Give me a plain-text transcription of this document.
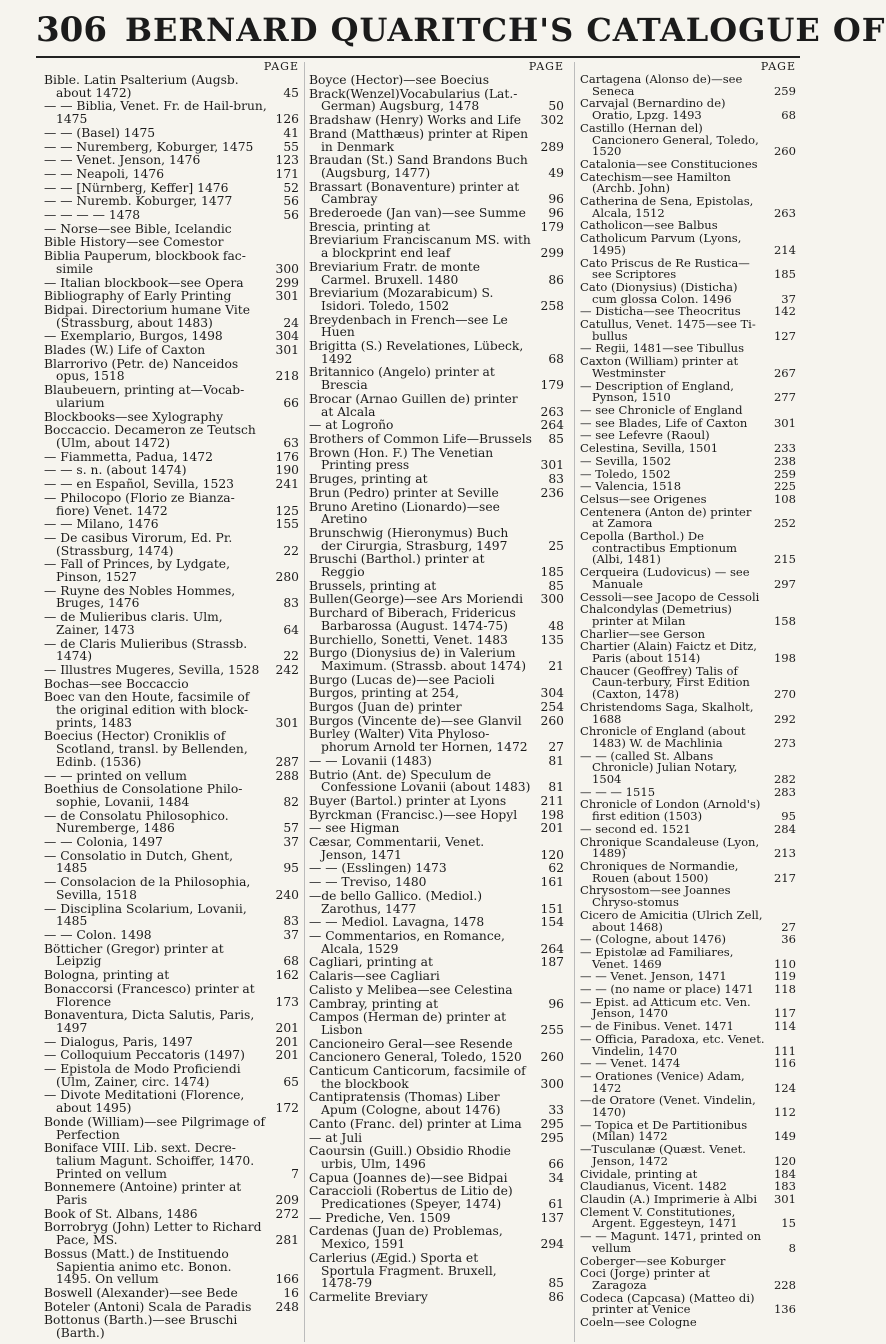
306 BERNARD QUARITCH'S CATALOGUE OF
PAGE
Bible. Latin Psalterium (Augsb. about 1472)	45
— — Biblia, Venet. Fr. de Hail-brun, 1475	126
— — (Basel) 1475	41
— — Nuremberg, Koburger, 1475	55
— — Venet. Jenson, 1476	123
— — Neapoli, 1476	171
— — [Nürnberg, Keffer] 1476	52
— — Nuremb. Koburger, 1477	56
— — — — 1478	56
— Norse—see Bible, Icelandic
Bible History—see Comestor
Biblia Pauperum, blockbook fac-simile	300
— Italian blockbook—see Opera	299
Bibliography of Early Printing	301
Bidpai. Directorium humane Vite (Strassburg, about 1483)	24
— Exemplario, Burgos, 1498	304
Blades (W.) Life of Caxton	301
Blarrorivo (Petr. de) Nanceidos opus, 1518	218
Blaubeuern, printing at—Vocab-ularium	66
Blockbooks—see Xylography
Boccaccio. Decameron ze Teutsch (Ulm, about 1472)	63
— Fiammetta, Padua, 1472	176
— — s. n. (about 1474)	190
— — en Español, Sevilla, 1523	241
— Philocopo (Florio ze Bianza-fiore) Venet. 1472	125
— — Milano, 1476	155
— De casibus Virorum, Ed. Pr. (Strassburg, 1474)	22
— Fall of Princes, by Lydgate, Pinson, 1527	280
— Ruyne des Nobles Hommes, Bruges, 1476	83
— de Mulieribus claris. Ulm, Zainer, 1473	64
— de Claris Mulieribus (Strassb. 1474)	22
— Illustres Mugeres, Sevilla, 1528	242
Bochas—see Boccaccio
Boec van den Houte, facsimile of the original edition with block-prints, 1483	301
Boecius (Hector) Croniklis of Scotland, transl. by Bellenden, Edinb. (1536)	287
— — printed on vellum	288
Boethius de Consolatione Philo-sophie, Lovanii, 1484	82
— de Consolatu Philosophico. Nuremberge, 1486	57
— — Colonia, 1497	37
— Consolatio in Dutch, Ghent, 1485	95
— Consolacion de la Philosophia, Sevilla, 1518	240
— Disciplina Scolarium, Lovanii, 1485	83
— — Colon. 1498	37
Bötticher (Gregor) printer at Leipzig	68
Bologna, printing at	162
Bonaccorsi (Francesco) printer at Florence	173
Bonaventura, Dicta Salutis, Paris, 1497	201
— Dialogus, Paris, 1497	201
— Colloquium Peccatoris (1497)	201
— Epistola de Modo Proficiendi (Ulm, Zainer, circ. 1474)	65
— Divote Meditationi (Florence, about 1495)	172
Bonde (William)—see Pilgrimage of Perfection
Boniface VIII. Lib. sext. Decre-talium Magunt. Schoiffer, 1470. Printed on vellum	7
Bonnemere (Antoine) printer at Paris	209
Book of St. Albans, 1486	272
Borrobryg (John) Letter to Richard Pace, MS.	281
Bossus (Matt.) de Instituendo Sapientia animo etc. Bonon. 1495. On vellum	166
Boswell (Alexander)—see Bede	16
Boteler (Antoni) Scala de Paradis	248
Bottonus (Barth.)—see Bruschi (Barth.)
PAGE
Boyce (Hector)—see Boecius
Brack(Wenzel)Vocabularius (Lat.-German) Augsburg, 1478	50
Bradshaw (Henry) Works and Life	302
Brand (Matthæus) printer at Ripen in Denmark	289
Braudan (St.) Sand Brandons Buch (Augsburg, 1477)	49
Brassart (Bonaventure) printer at Cambray	96
Brederoede (Jan van)—see Summe	96
Brescia, printing at	179
Breviarium Franciscanum MS. with a blockprint end leaf	299
Breviarium Fratr. de monte Carmel. Bruxell. 1480	86
Breviarium (Mozarabicum) S. Isidori. Toledo, 1502	258
Breydenbach in French—see Le Huen
Brigitta (S.) Revelationes, Lübeck, 1492	68
Britannico (Angelo) printer at Brescia	179
Brocar (Arnao Guillen de) printer at Alcala	263
— at Logroño	264
Brothers of Common Life—Brussels	85
Brown (Hon. F.) The Venetian Printing press	301
Bruges, printing at	83
Brun (Pedro) printer at Seville	236
Bruno Aretino (Lionardo)—see Aretino
Brunschwig (Hieronymus) Buch der Cirurgia, Strasburg, 1497	25
Bruschi (Barthol.) printer at Reggio	185
Brussels, printing at	85
Bullen(George)—see Ars Moriendi	300
Burchard of Biberach, Fridericus Barbarossa (August. 1474-75)	48
Burchiello, Sonetti, Venet. 1483	135
Burgo (Dionysius de) in Valerium Maximum. (Strassb. about 1474)	21
Burgo (Lucas de)—see Pacioli
Burgos, printing at 254,	304
Burgos (Juan de) printer	254
Burgos (Vincente de)—see Glanvil	260
Burley (Walter) Vita Phyloso-phorum Arnold ter Hornen, 1472	27
— — Lovanii (1483)	81
Butrio (Ant. de) Speculum de Confessione Lovanii (about 1483)	81
Buyer (Bartol.) printer at Lyons	211
Byrckman (Francisc.)—see Hopyl	198
— see Higman	201
Cæsar, Commentarii, Venet. Jenson, 1471	120
— — (Esslingen) 1473	62
— — Treviso, 1480	161
—de bello Gallico. (Mediol.) Zarothus, 1477	151
— — Mediol. Lavagna, 1478	154
— Commentarios, en Romance, Alcala, 1529	264
Cagliari, printing at	187
Calaris—see Cagliari
Calisto y Melibea—see Celestina
Cambray, printing at	96
Campos (Herman de) printer at Lisbon	255
Cancioneiro Geral—see Resende
Cancionero General, Toledo, 1520	260
Canticum Canticorum, facsimile of the blockbook	300
Cantipratensis (Thomas) Liber Apum (Cologne, about 1476)	33
Canto (Franc. del) printer at Lima	295
— at Juli	295
Caoursin (Guill.) Obsidio Rhodie urbis, Ulm, 1496	66
Capua (Joannes de)—see Bidpai	34
Caraccioli (Robertus de Litio de) Predicationes (Speyer, 1474)	61
— Prediche, Ven. 1509	137
Cardenas (Juan de) Problemas, Mexico, 1591	294
Carlerius (Ægid.) Sporta et Sportula Fragment. Bruxell, 1478-79	85
Carmelite Breviary	86
PAGE
Cartagena (Alonso de)—see Seneca	259
Carvajal (Bernardino de) Oratio, Lpzg. 1493	68
Castillo (Hernan del) Cancionero General, Toledo, 1520	260
Catalonia—see Constituciones
Catechism—see Hamilton (Archb. John)
Catherina de Sena, Epistolas, Alcala, 1512	263
Catholicon—see Balbus
Catholicum Parvum (Lyons, 1495)	214
Cato Priscus de Re Rustica—see Scriptores	185
Cato (Dionysius) (Disticha) cum glossa Colon. 1496	37
— Disticha—see Theocritus	142
Catullus, Venet. 1475—see Ti-bullus	127
— Regii, 1481—see Tibullus
Caxton (William) printer at Westminster	267
— Description of England, Pynson, 1510	277
— see Chronicle of England
— see Blades, Life of Caxton	301
— see Lefevre (Raoul)
Celestina, Sevilla, 1501	233
— Sevilla, 1502	238
— Toledo, 1502	259
— Valencia, 1518	225
Celsus—see Origenes	108
Centenera (Anton de) printer at Zamora	252
Cepolla (Barthol.) De contractibus Emptionum (Albi, 1481)	215
Cerqueira (Ludovicus) — see Manuale	297
Cessoli—see Jacopo de Cessoli
Chalcondylas (Demetrius) printer at Milan	158
Charlier—see Gerson
Chartier (Alain) Faictz et Ditz, Paris (about 1514)	198
Chaucer (Geoffrey) Talis of Caun-terbury, First Edition (Caxton, 1478)	270
Christendoms Saga, Skalholt, 1688	292
Chronicle of England (about 1483) W. de Machlinia	273
— — (called St. Albans Chronicle) Julian Notary, 1504	282
— — — 1515	283
Chronicle of London (Arnold's) first edition (1503)	95
— second ed. 1521	284
Chronique Scandaleuse (Lyon, 1489)	213
Chroniques de Normandie, Rouen (about 1500)	217
Chrysostom—see Joannes Chryso-stomus
Cicero de Amicitia (Ulrich Zell, about 1468)	27
— (Cologne, about 1476)	36
— Epistolæ ad Familiares, Venet. 1469	110
— — Venet. Jenson, 1471	119
— — (no name or place) 1471	118
— Epist. ad Atticum etc. Ven. Jenson, 1470	117
— de Finibus. Venet. 1471	114
— Officia, Paradoxa, etc. Venet. Vindelin, 1470	111
— — Venet. 1474	116
— Orationes (Venice) Adam, 1472	124
—de Oratore (Venet. Vindelin, 1470)	112
— Topica et De Partitionibus (Milan) 1472	149
—Tusculanæ (Quæst. Venet. Jenson, 1472	120
Cividale, printing at	184
Claudianus, Vicent. 1482	183
Claudin (A.) Imprimerie à Albi	301
Clement V. Constitutiones, Argent. Eggesteyn, 1471	15
— — Magunt. 1471, printed on vellum	8
Coberger—see Koburger
Coci (Jorge) printer at Zaragoza	228
Codeca (Capcasa) (Matteo di) printer at Venice	136
Coeln—see Cologne
